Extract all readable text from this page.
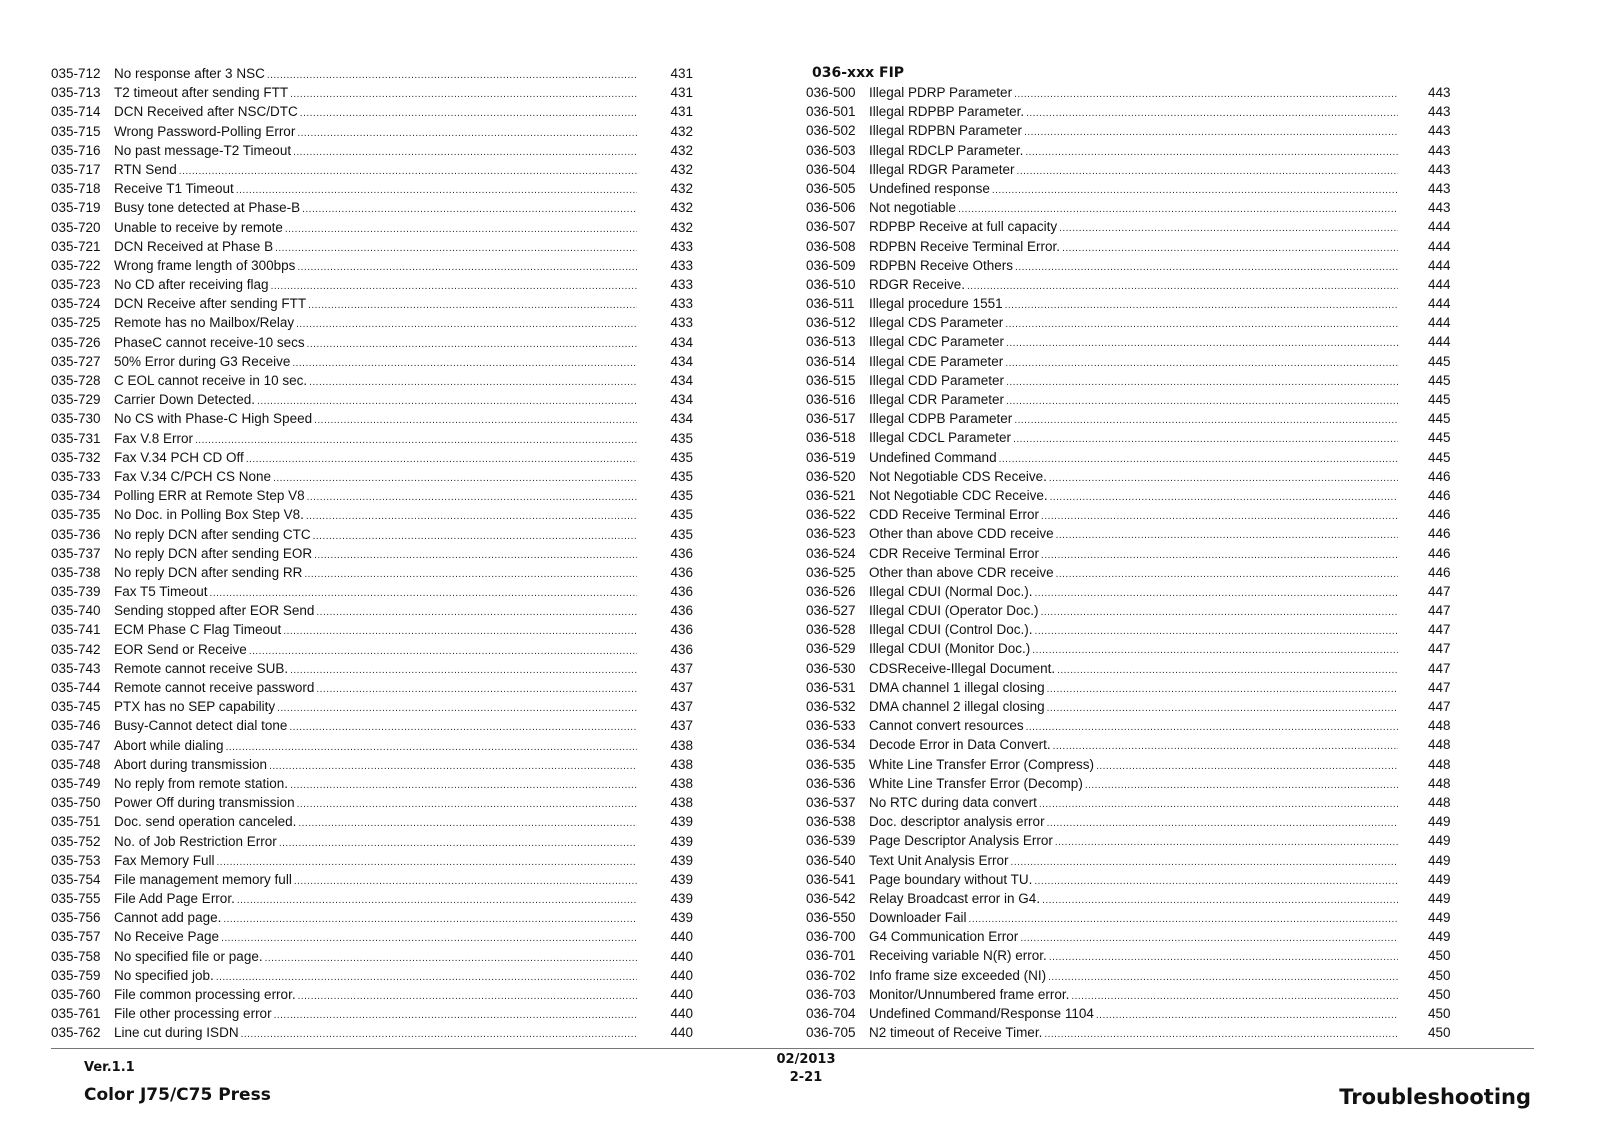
035-712 No response after 3 NSC .....	431
035-713 T2 timeout after sending FTT .....	431
035-714 DCN Received after NSC/DTC .....	431
035-715 Wrong Password-Polling Error .....	432
035-716 No past message-T2 Timeout .....	432
035-717 RTN Send .....	432
035-718 Receive T1 Timeout .....	432
035-719 Busy tone detected at Phase-B .....	432
035-720 Unable to receive by remote .....	432
035-721 DCN Received at Phase B .....	433
035-722 Wrong frame length of 300bps .....	433
035-723 No CD after receiving flag .....	433
035-724 DCN Receive after sending FTT .....	433
035-725 Remote has no Mailbox/Relay .....	433
035-726 PhaseC cannot receive-10 secs .....	434
035-727 50% Error during G3 Receive .....	434
035-728 C EOL cannot receive in 10 sec. .....	434
035-729 Carrier Down Detected. .....	434
035-730 No CS with Phase-C High Speed .....	434
035-731 Fax V.8 Error .....	435
035-732 Fax V.34 PCH CD Off .....	435
035-733 Fax V.34 C/PCH CS None .....	435
035-734 Polling ERR at Remote Step V8 .....	435
035-735 No Doc. in Polling Box Step V8. .....	435
035-736 No reply DCN after sending CTC .....	435
035-737 No reply DCN after sending EOR .....	436
035-738 No reply DCN after sending RR .....	436
035-739 Fax T5 Timeout .....	436
035-740 Sending stopped after EOR Send .....	436
035-741 ECM Phase C Flag Timeout .....	436
035-742 EOR Send or Receive .....	436
035-743 Remote cannot receive SUB. .....	437
035-744 Remote cannot receive password .....	437
035-745 PTX has no SEP capability .....	437
035-746 Busy-Cannot detect dial tone .....	437
035-747 Abort while dialing .....	438
035-748 Abort during transmission .....	438
035-749 No reply from remote station. .....	438
035-750 Power Off during transmission .....	438
035-751 Doc. send operation canceled. .....	439
035-752 No. of Job Restriction Error .....	439
035-753 Fax Memory Full .....	439
035-754 File management memory full .....	439
035-755 File Add Page Error. .....	439
035-756 Cannot add page. .....	439
035-757 No Receive Page .....	440
035-758 No specified file or page. .....	440
035-759 No specified job. .....	440
035-760 File common processing error. .....	440
035-761 File other processing error .....	440
035-762 Line cut during ISDN .....	440
036-xxx FIP
036-500 Illegal PDRP Parameter .....	443
036-501 Illegal RDPBP Parameter. .....	443
036-502 Illegal RDPBN Parameter .....	443
036-503 Illegal RDCLP Parameter. .....	443
036-504 Illegal RDGR Parameter .....	443
036-505 Undefined response .....	443
036-506 Not negotiable .....	443
036-507 RDPBP Receive at full capacity .....	444
036-508 RDPBN Receive Terminal Error. .....	444
036-509 RDPBN Receive Others .....	444
036-510 RDGR Receive. .....	444
036-511	Illegal procedure 1551 .....	444
036-512 Illegal CDS Parameter .....	444
036-513 Illegal CDC Parameter .....	444
036-514 Illegal CDE Parameter .....	445
036-515 Illegal CDD Parameter .....	445
036-516 Illegal CDR Parameter .....	445
036-517 Illegal CDPB Parameter .....	445
036-518 Illegal CDCL Parameter .....	445
036-519 Undefined Command .....	445
036-520 Not Negotiable CDS Receive. .....	446
036-521 Not Negotiable CDC Receive. .....	446
036-522 CDD Receive Terminal Error .....	446
036-523 Other than above CDD receive .....	446
036-524 CDR Receive Terminal Error .....	446
036-525 Other than above CDR receive .....	446
036-526 Illegal CDUI (Normal Doc.). .....	447
036-527 Illegal CDUI (Operator Doc.) .....	447
036-528 Illegal CDUI (Control Doc.). .....	447
036-529 Illegal CDUI (Monitor Doc.) .....	447
036-530 CDSReceive-Illegal Document. .....	447
036-531 DMA channel 1 illegal closing .....	447
036-532 DMA channel 2 illegal closing .....	447
036-533 Cannot convert resources .....	448
036-534 Decode Error in Data Convert. .....	448
036-535 White Line Transfer Error (Compress) .....	448
036-536 White Line Transfer Error (Decomp) .....	448
036-537 No RTC during data convert .....	448
036-538 Doc. descriptor analysis error .....	449
036-539 Page Descriptor Analysis Error .....	449
036-540 Text Unit Analysis Error .....	449
036-541 Page boundary without TU. .....	449
036-542 Relay Broadcast error in G4. .....	449
036-550 Downloader Fail .....	449
036-700 G4 Communication Error .....	449
036-701 Receiving variable N(R) error. .....	450
036-702 Info frame size exceeded (NI) .....	450
036-703 Monitor/Unnumbered frame error. .....	450
036-704 Undefined Command/Response 1104 .....	450
036-705 N2 timeout of Receive Timer. .....	450
Ver.1.1
Color J75/C75 Press
02/2013
2-21
Troubleshooting
